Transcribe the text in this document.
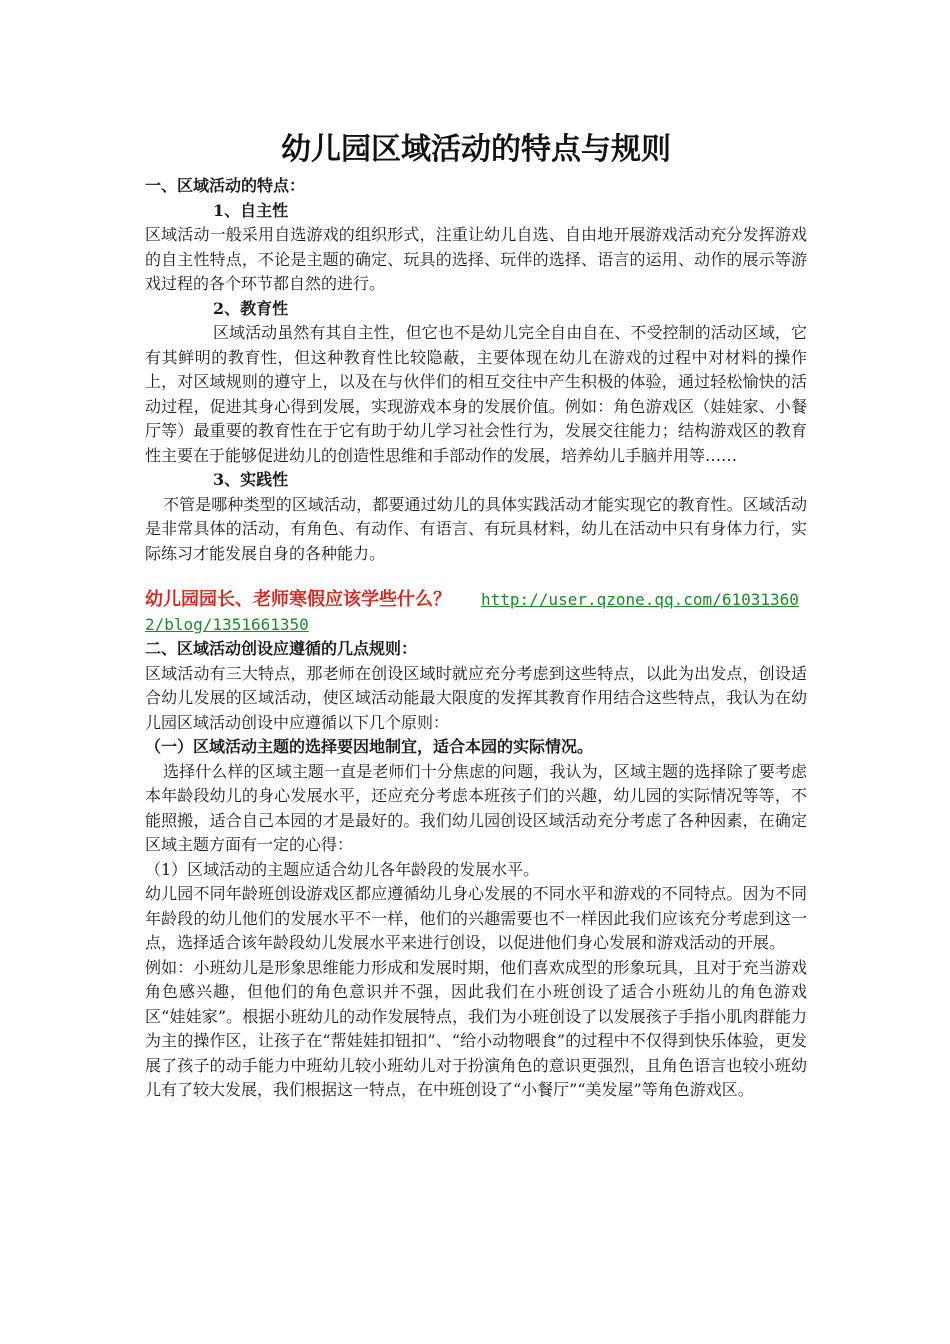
幼儿园区域活动的特点与规则

一、区域活动的特点：

1、自主性

区域活动一般采用自选游戏的组织形式，注重让幼儿自选、自由地开展游戏活动充分发挥游戏的自主性特点，不论是主题的确定、玩具的选择、玩伴的选择、语言的运用、动作的展示等游戏过程的各个环节都自然的进行。

2、教育性

区域活动虽然有其自主性，但它也不是幼儿完全自由自在、不受控制的活动区域，它有其鲜明的教育性，但这种教育性比较隐蔽，主要体现在幼儿在游戏的过程中对材料的操作上，对区域规则的遵守上，以及在与伙伴们的相互交往中产生积极的体验，通过轻松愉快的活动过程，促进其身心得到发展，实现游戏本身的发展价值。例如：角色游戏区（娃娃家、小餐厅等）最重要的教育性在于它有助于幼儿学习社会性行为，发展交往能力；结构游戏区的教育性主要在于能够促进幼儿的创造性思维和手部动作的发展，培养幼儿手脑并用等……

3、实践性

不管是哪种类型的区域活动，都要通过幼儿的具体实践活动才能实现它的教育性。区域活动是非常具体的活动，有角色、有动作、有语言、有玩具材料，幼儿在活动中只有身体力行，实际练习才能发展自身的各种能力。

幼儿园园长、老师寒假应该学些什么？ http://user.qzone.qq.com/610313602/blog/1351661350

二、区域活动创设应遵循的几点规则：

区域活动有三大特点，那老师在创设区域时就应充分考虑到这些特点，以此为出发点，创设适合幼儿发展的区域活动，使区域活动能最大限度的发挥其教育作用结合这些特点，我认为在幼儿园区域活动创设中应遵循以下几个原则：

（一）区域活动主题的选择要因地制宜，适合本园的实际情况。

选择什么样的区域主题一直是老师们十分焦虑的问题，我认为，区域主题的选择除了要考虑本年龄段幼儿的身心发展水平，还应充分考虑本班孩子们的兴趣，幼儿园的实际情况等等，不能照搬，适合自己本园的才是最好的。我们幼儿园创设区域活动充分考虑了各种因素，在确定区域主题方面有一定的心得：

（1）区域活动的主题应适合幼儿各年龄段的发展水平。

幼儿园不同年龄班创设游戏区都应遵循幼儿身心发展的不同水平和游戏的不同特点。因为不同年龄段的幼儿他们的发展水平不一样，他们的兴趣需要也不一样因此我们应该充分考虑到这一点，选择适合该年龄段幼儿发展水平来进行创设，以促进他们身心发展和游戏活动的开展。

例如：小班幼儿是形象思维能力形成和发展时期，他们喜欢成型的形象玩具，且对于充当游戏角色感兴趣，但他们的角色意识并不强，因此我们在小班创设了适合小班幼儿的角色游戏区“娃娃家”。根据小班幼儿的动作发展特点，我们为小班创设了以发展孩子手指小肌肉群能力为主的操作区，让孩子在“帮娃娃扣钮扣”、“给小动物喂食”的过程中不仅得到快乐体验，更发展了孩子的动手能力中班幼儿较小班幼儿对于扮演角色的意识更强烈，且角色语言也较小班幼儿有了较大发展，我们根据这一特点，在中班创设了“小餐厅”“美发屋”等角色游戏区。
